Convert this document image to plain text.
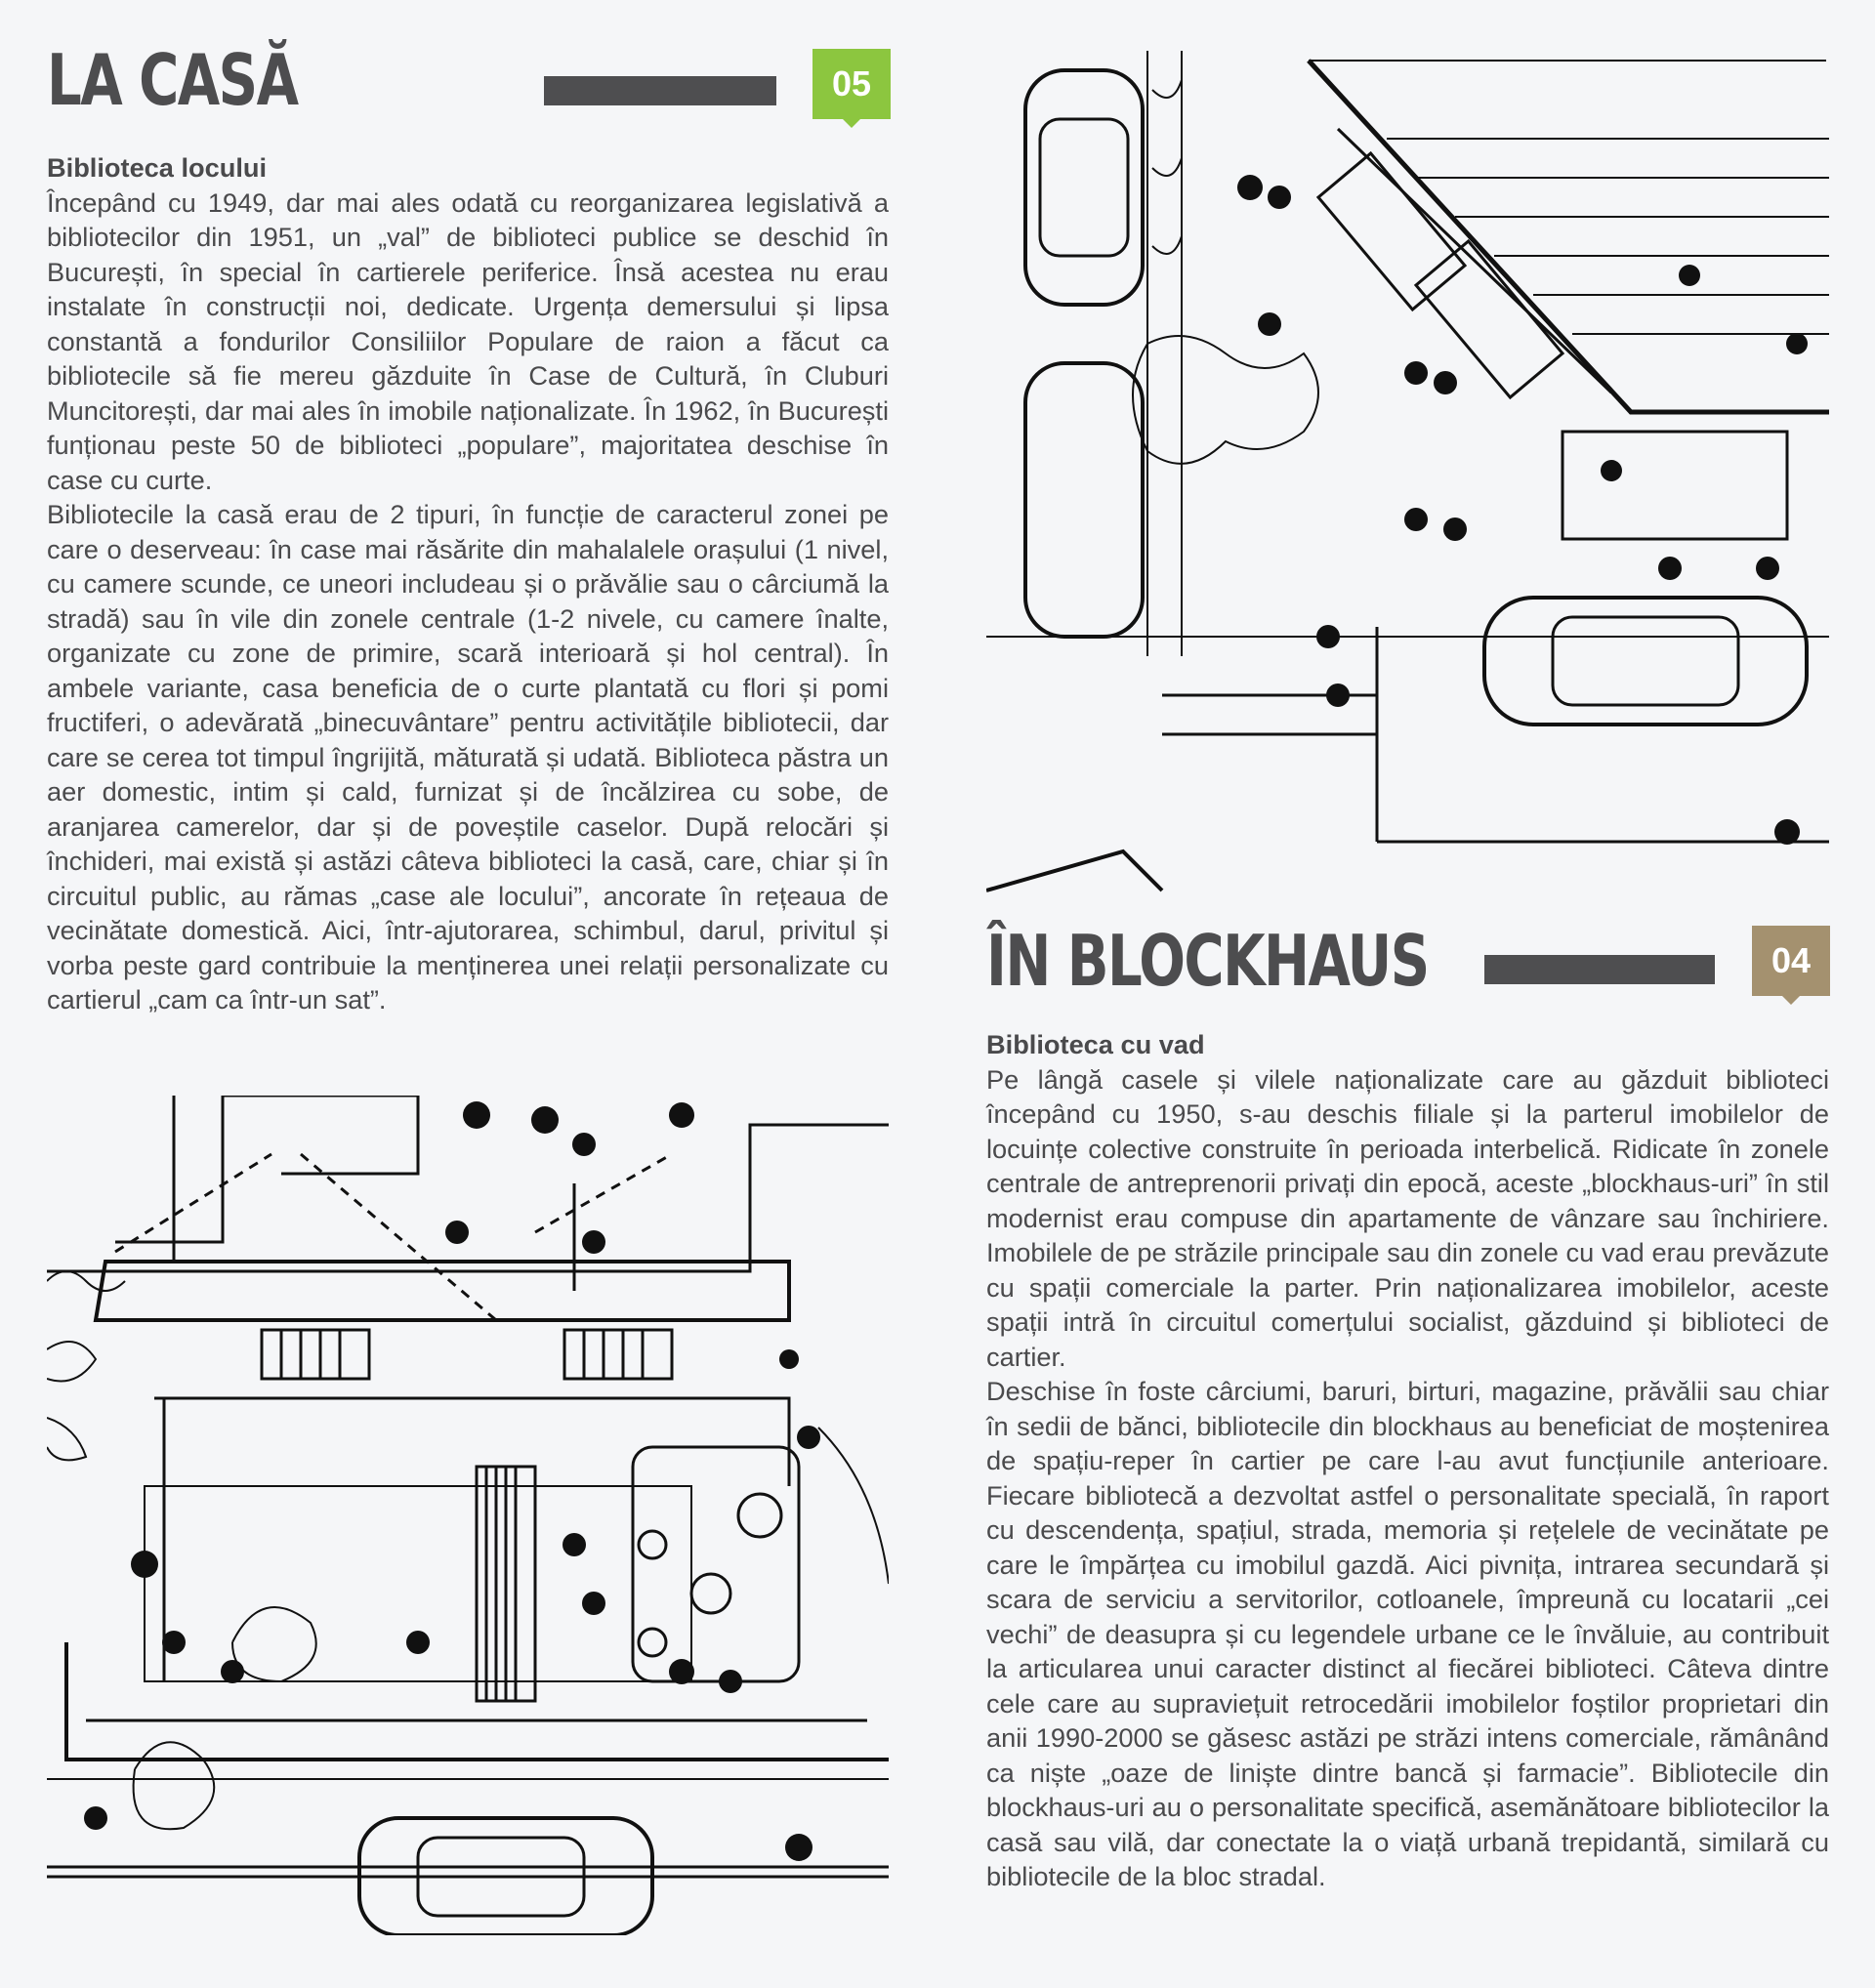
LA CASĂ	05
Biblioteca locului

Începând cu 1949, dar mai ales odată cu reorganizarea legislativă a bibliotecilor din 1951, un „val” de biblioteci publice se deschid în București, în special în cartierele periferice. Însă acestea nu erau instalate în construcții noi, dedicate. Urgența demersului și lipsa constantă a fondurilor Consiliilor Populare de raion a făcut ca bibliotecile să fie mereu găzduite în Case de Cultură, în Cluburi Muncitorești, dar mai ales în imobile naționalizate. În 1962, în București funționau peste 50 de biblioteci „populare”, majoritatea deschise în case cu curte.

Bibliotecile la casă erau de 2 tipuri, în funcție de caracterul zonei pe care o deserveau: în case mai răsărite din mahalalele orașului (1 nivel, cu camere scunde, ce uneori includeau și o prăvălie sau o cârciumă la stradă) sau în vile din zonele centrale (1-2 nivele, cu camere înalte, organizate cu zone de primire, scară interioară și hol central). În ambele variante, casa beneficia de o curte plantată cu flori și pomi fructiferi, o adevărată „binecuvântare” pentru activitățile bibliotecii, dar care se cerea tot timpul îngrijită, măturată și udată. Biblioteca păstra un aer domestic, intim și cald, furnizat și de încălzirea cu sobe, de aranjarea camerelor, dar și de poveștile caselor. După relocări și închideri, mai există și astăzi câteva biblioteci la casă, care, chiar și în circuitul public, au rămas „case ale locului”, ancorate în rețeaua de vecinătate domestică. Aici, într-ajutorarea, schimbul, darul, privitul și vorba peste gard contribuie la menținerea unei relații personalizate cu cartierul „cam ca într-un sat”.	ÎN BLOCKHAUS	04
Biblioteca cu vad

Pe lângă casele și vilele naționalizate care au găzduit biblioteci începând cu 1950, s-au deschis filiale și la parterul imobilelor de locuințe colective construite în perioada interbelică. Ridicate în zonele centrale de antreprenorii privați din epocă, aceste „blockhaus-uri” în stil modernist erau compuse din apartamente de vânzare sau închiriere. Imobilele de pe străzile principale sau din zonele cu vad erau prevăzute cu spații comerciale la parter. Prin naționalizarea imobilelor, aceste spații intră în circuitul comerțului socialist, găzduind și biblioteci de cartier.

Deschise în foste cârciumi, baruri, birturi, magazine, prăvălii sau chiar în sedii de bănci, bibliotecile din blockhaus au beneficiat de moștenirea de spațiu-reper în cartier pe care l-au avut funcțiunile anterioare. Fiecare bibliotecă a dezvoltat astfel o personalitate specială, în raport cu descendența, spațiul, strada, memoria și rețelele de vecinătate pe care le împărțea cu imobilul gazdă. Aici pivnița, intrarea secundară și scara de serviciu a servitorilor, cotloanele, împreună cu locatarii „cei vechi” de deasupra și cu legendele urbane ce le învăluie, au contribuit la articularea unui caracter distinct al fiecărei biblioteci. Câteva dintre cele care au supraviețuit retrocedării imobilelor foștilor proprietari din anii 1990-2000 se găsesc astăzi pe străzi intens comerciale, rămânând ca niște „oaze de liniște dintre bancă și farmacie”. Bibliotecile din blockhaus-uri au o personalitate specifică, asemănătoare bibliotecilor la casă sau vilă, dar conectate la o viață urbană trepidantă, similară cu bibliotecile de la bloc stradal.
